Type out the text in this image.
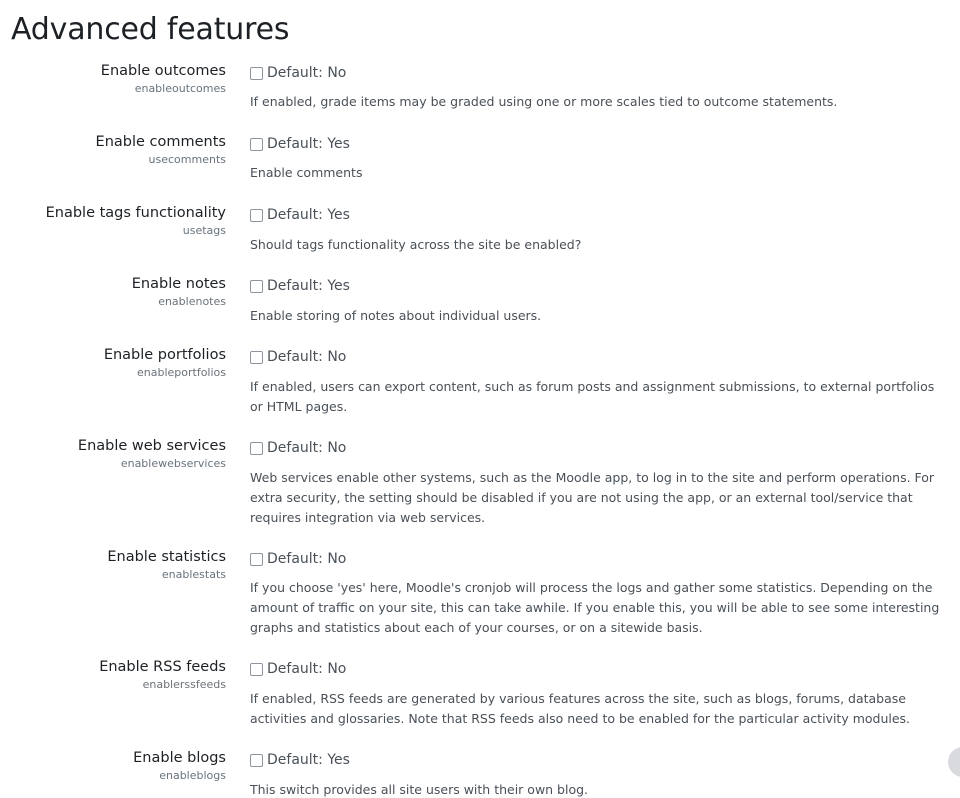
Advanced features
Enable outcomes
enableoutcomes
Default: No
If enabled, grade items may be graded using one or more scales tied to outcome statements.
Enable comments
usecomments
Default: Yes
Enable comments
Enable tags functionality
usetags
Default: Yes
Should tags functionality across the site be enabled?
Enable notes
enablenotes
Default: Yes
Enable storing of notes about individual users.
Enable portfolios
enableportfolios
Default: No
If enabled, users can export content, such as forum posts and assignment submissions, to external portfolios or HTML pages.
Enable web services
enablewebservices
Default: No
Web services enable other systems, such as the Moodle app, to log in to the site and perform operations. For extra security, the setting should be disabled if you are not using the app, or an external tool/service that requires integration via web services.
Enable statistics
enablestats
Default: No
If you choose 'yes' here, Moodle's cronjob will process the logs and gather some statistics. Depending on the amount of traffic on your site, this can take awhile. If you enable this, you will be able to see some interesting graphs and statistics about each of your courses, or on a sitewide basis.
Enable RSS feeds
enablerssfeeds
Default: No
If enabled, RSS feeds are generated by various features across the site, such as blogs, forums, database activities and glossaries. Note that RSS feeds also need to be enabled for the particular activity modules.
Enable blogs
enableblogs
Default: Yes
This switch provides all site users with their own blog.
